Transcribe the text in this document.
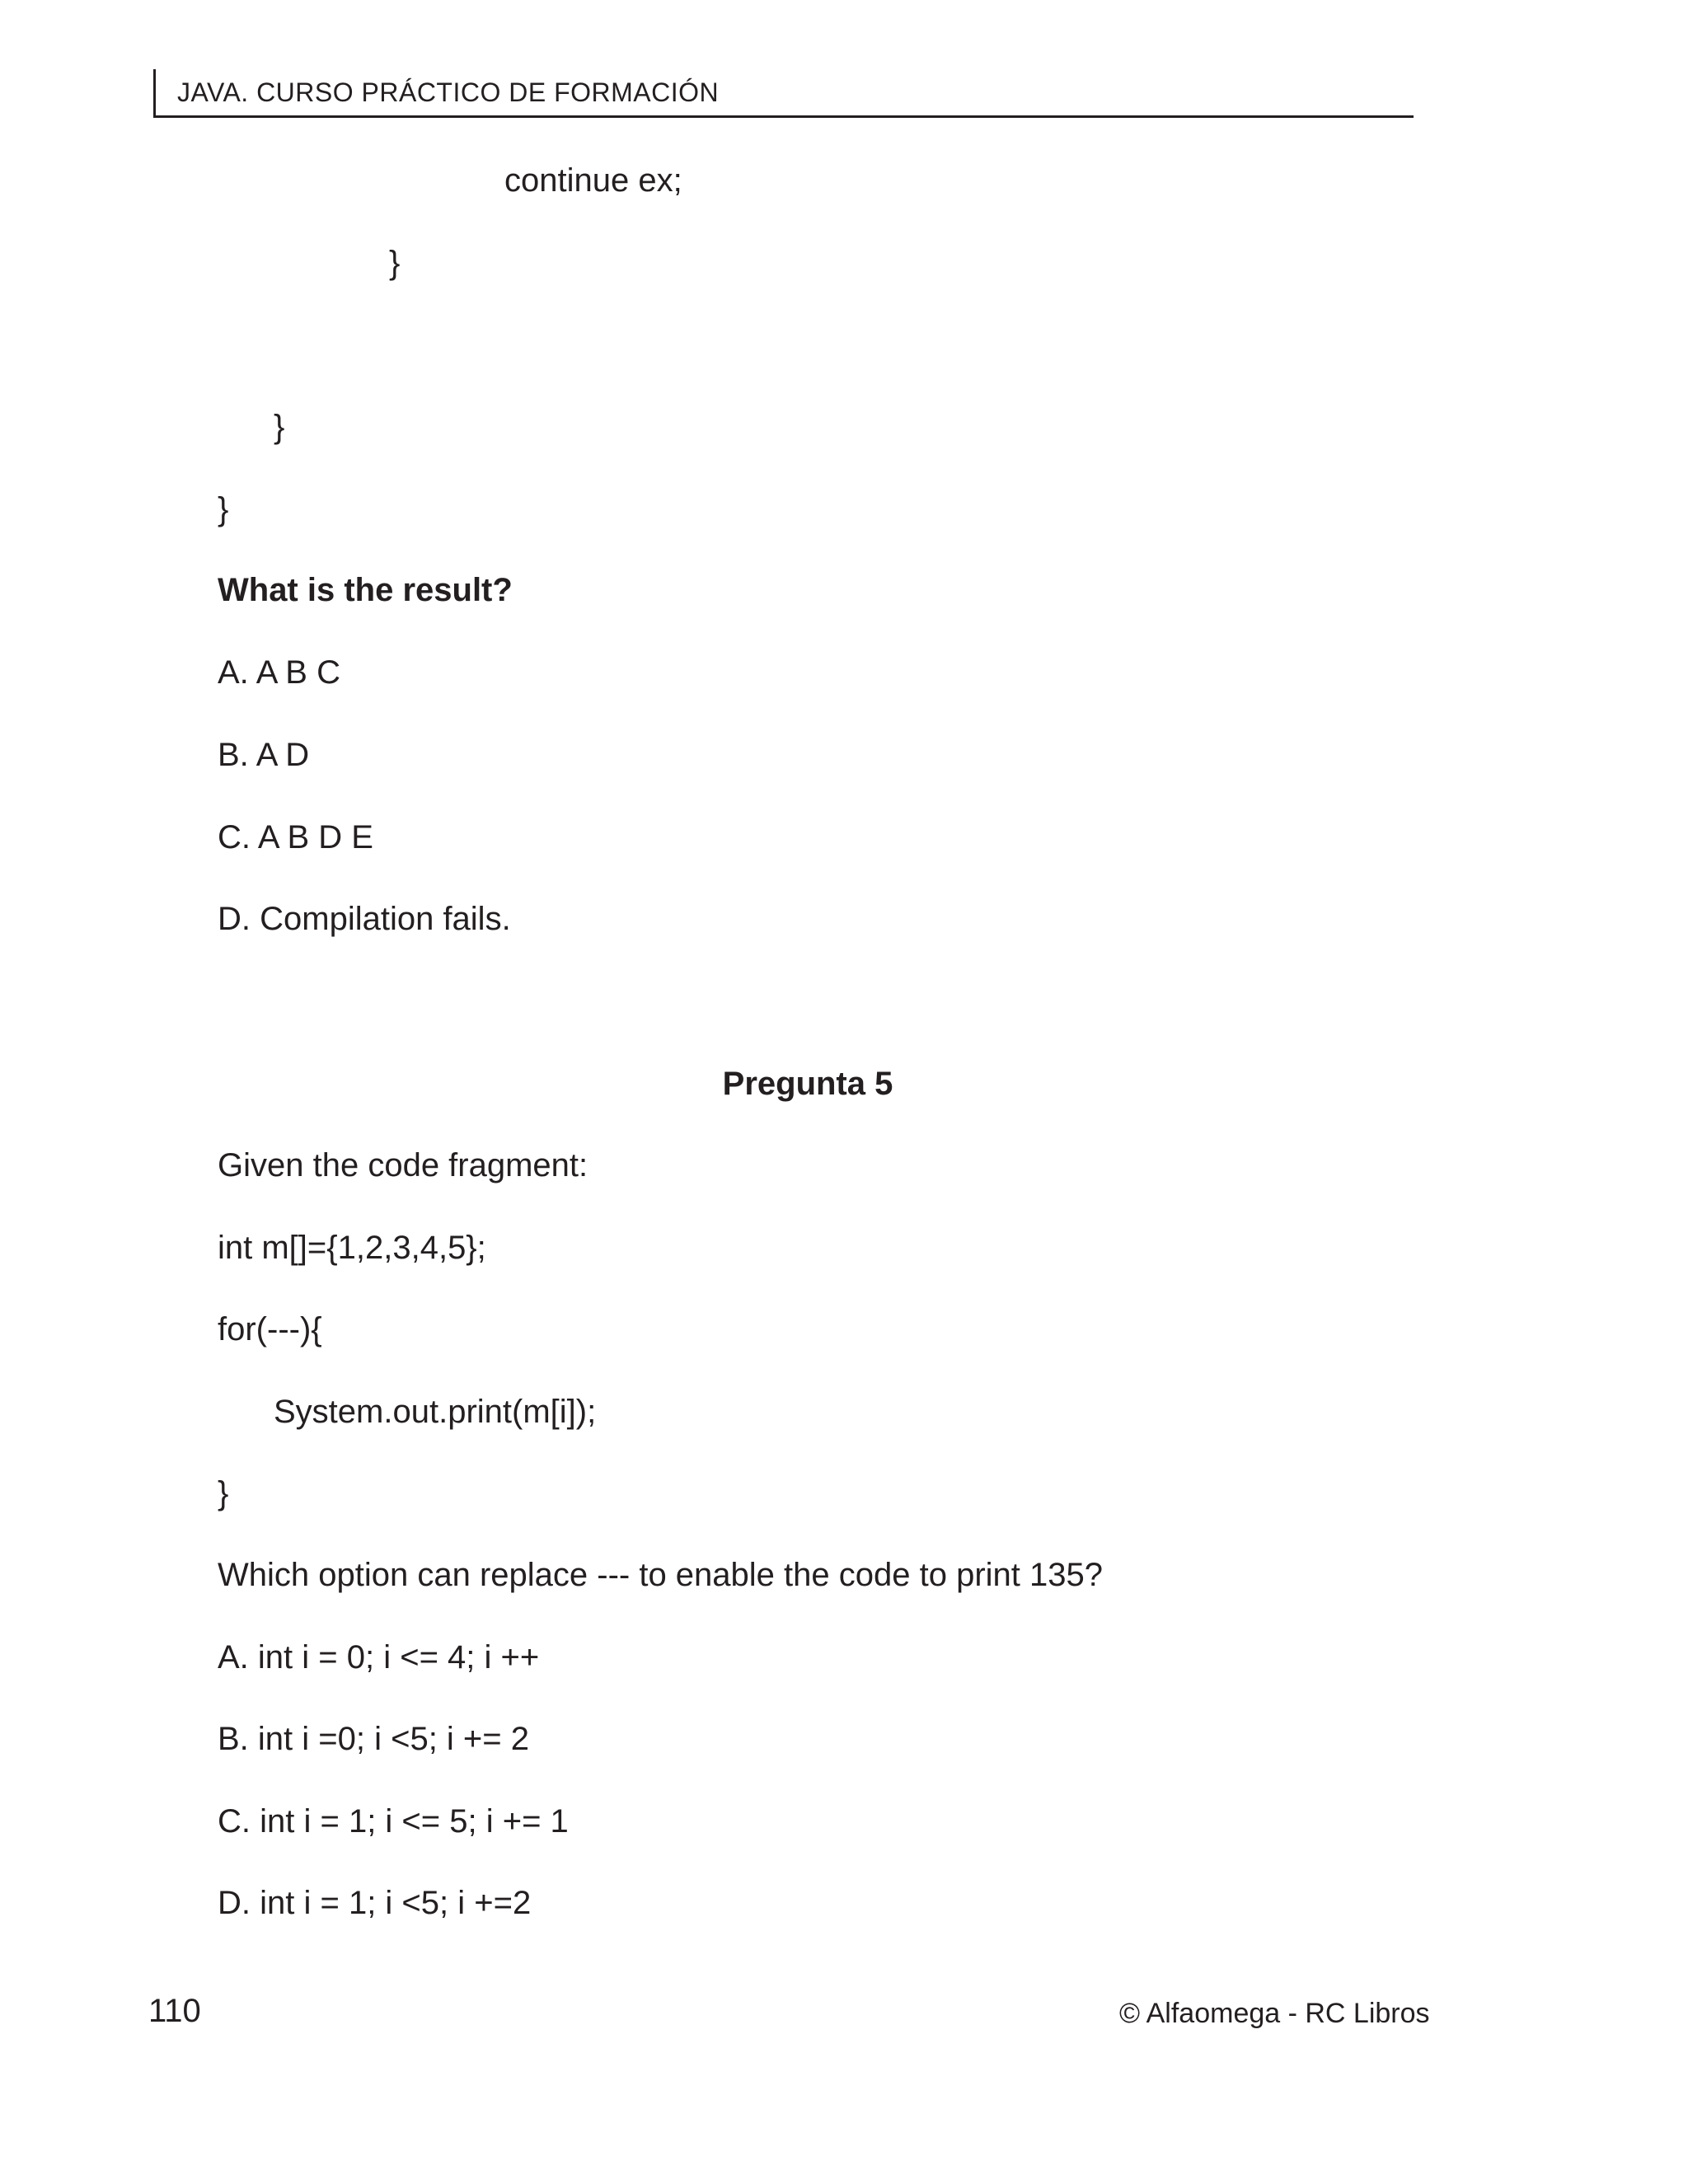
JAVA. CURSO PRÁCTICO DE FORMACIÓN
continue ex;
}
}
}
What is the result?
A. A B C
B. A D
C. A B D E
D. Compilation fails.
Pregunta 5
Given the code fragment:
int m[]={1,2,3,4,5};
for(---){
System.out.print(m[i]);
}
Which option can replace --- to enable the code to print 135?
A. int i = 0; i <= 4; i ++
B. int i =0; i <5; i += 2
C. int i = 1; i <= 5; i += 1
D. int i = 1; i <5; i +=2
110	© Alfaomega - RC Libros
